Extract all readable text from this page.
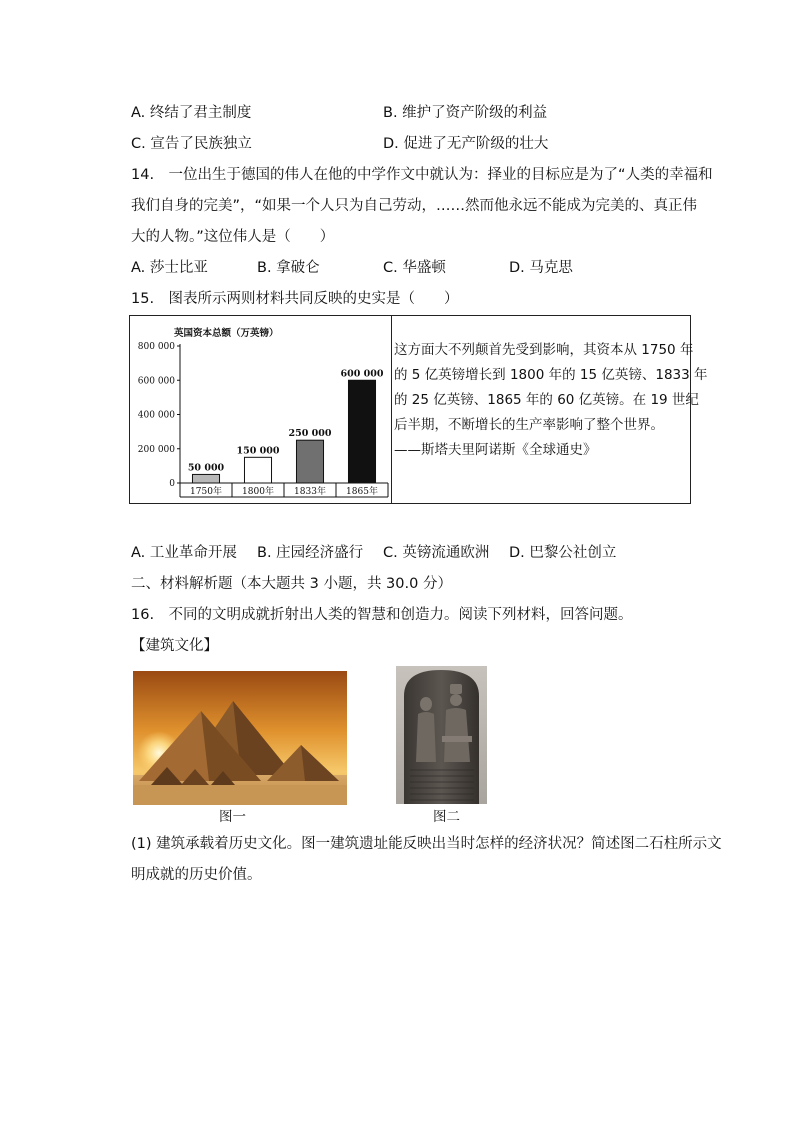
A. 终结了君主制度	B. 维护了资产阶级的利益
C. 宣告了民族独立	D. 促进了无产阶级的壮大
14.　一位出生于德国的伟人在他的中学作文中就认为：择业的目标应是为了“人类的幸福和
我们自身的完美”，“如果一个人只为自己劳动，……然而他永远不能成为完美的、真正伟
大的人物。”这位伟人是（　　）
A. 莎士比亚	B. 拿破仑	C. 华盛顿	D. 马克思
15.　图表所示两则材料共同反映的史实是（　　）
英国资本总额（万英镑）
0
200 000
400 000
600 000
800 000
50 000
150 000
250 000
600 000
1750年 1800年 1833年 1865年
这方面大不列颠首先受到影响，其资本从 1750 年
的 5 亿英镑增长到 1800 年的 15 亿英镑、1833 年
的 25 亿英镑、1865 年的 60 亿英镑。在 19 世纪
后半期，不断增长的生产率影响了整个世界。
——斯塔夫里阿诺斯《全球通史》
A. 工业革命开展 B. 庄园经济盛行 C. 英镑流通欧洲 D. 巴黎公社创立
二、材料解析题（本大题共 3 小题，共 30.0 分）
16.　不同的文明成就折射出人类的智慧和创造力。阅读下列材料，回答问题。
【建筑文化】
图一	图二
(1) 建筑承载着历史文化。图一建筑遗址能反映出当时怎样的经济状况？简述图二石柱所示文
明成就的历史价值。
